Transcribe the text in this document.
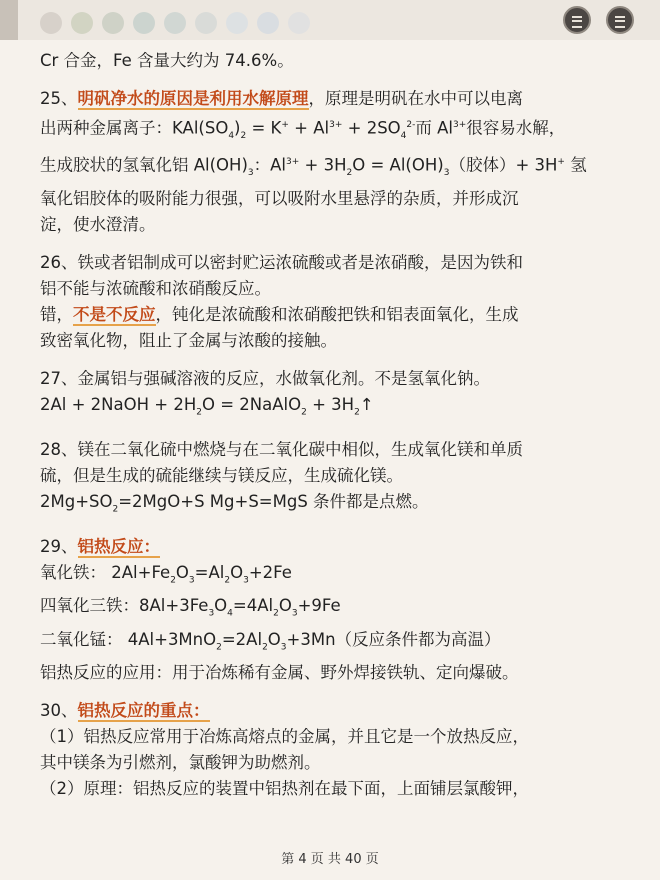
Cr 合金，Fe 含量大约为 74.6%。

25、明矾净水的原因是利用水解原理，原理是明矾在水中可以电离

出两种金属离子：$KAl(SO_4)_2 = K^+ + Al^{3+} + 2SO_4^{2-}$而 $Al^{3+}$很容易水解，

生成胶状的氢氧化铝 $Al(OH)_3$：$Al^{3+} + 3H_2O = Al(OH)_3$（胶体）+ 3H+ 氢

氧化铝胶体的吸附能力很强，可以吸附水里悬浮的杂质，并形成沉

淀，使水澄清。

26、铁或者铝制成可以密封贮运浓硫酸或者是浓硝酸，是因为铁和

铝不能与浓硫酸和浓硝酸反应。

错，不是不反应，钝化是浓硫酸和浓硝酸把铁和铝表面氧化，生成

致密氧化物，阻止了金属与浓酸的接触。

27、金属铝与强碱溶液的反应，水做氧化剂。不是氢氧化钠。

2Al + 2NaOH + $2H_2O$ = 2NaAlO$_2$ + $3H_2↑$

28、镁在二氧化硫中燃烧与在二氧化碳中相似，生成氧化镁和单质

硫，但是生成的硫能继续与镁反应，生成硫化镁。

$2Mg+SO_2=2MgO+S$ Mg+S=MgS 条件都是点燃。

29、铝热反应：

氧化铁： $2Al+Fe_2O_3=Al_2O_3+2Fe$

四氧化三铁：$8Al+3Fe_3O_4=4Al_2O_3+9Fe$

二氧化锰： $4Al+3MnO_2=2Al_2O_3+3Mn$（反应条件都为高温）

铝热反应的应用：用于冶炼稀有金属、野外焊接铁轨、定向爆破。

30、铝热反应的重点：

（1）铝热反应常用于冶炼高熔点的金属，并且它是一个放热反应，

其中镁条为引燃剂，氯酸钾为助燃剂。

（2）原理：铝热反应的装置中铝热剂在最下面，上面铺层氯酸钾，

第 4 页 共 40 页
